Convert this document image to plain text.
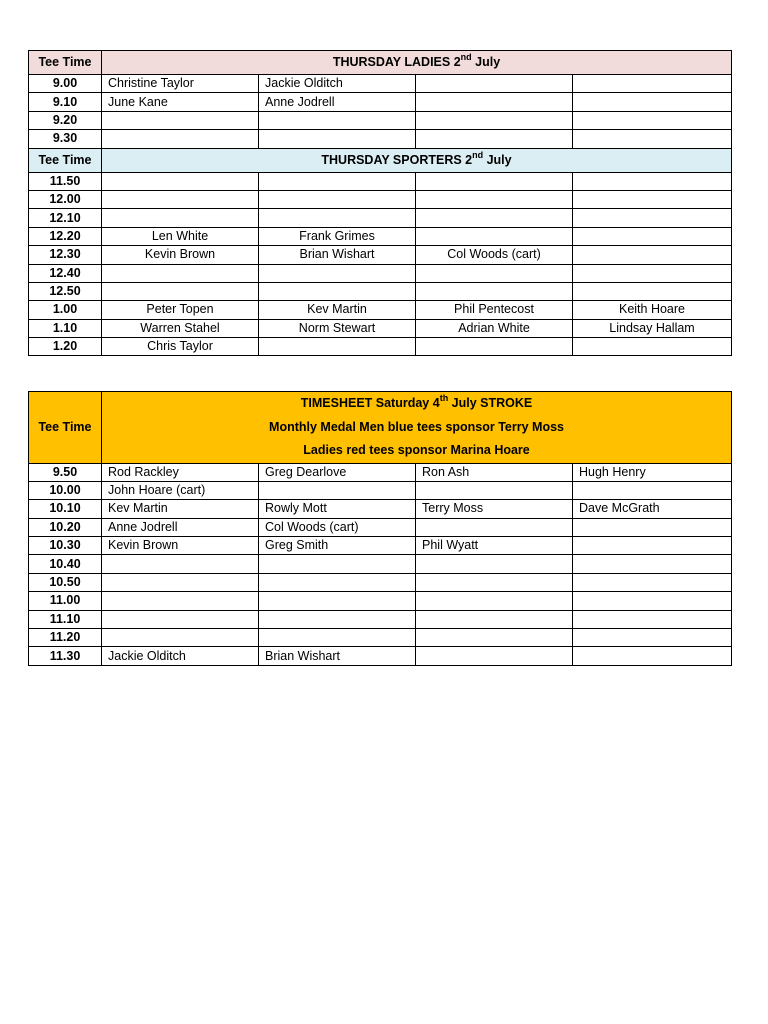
Tee Time	THURSDAY LADIES 2nd July			
9.00	Christine Taylor	Jackie Olditch		
9.10	June Kane	Anne Jodrell		
9.20				
9.30				
Tee Time	THURSDAY SPORTERS 2nd July			
11.50				
12.00				
12.10				
12.20	Len White	Frank Grimes		
12.30	Kevin Brown	Brian Wishart	Col Woods (cart)	
12.40				
12.50				
1.00	Peter Topen	Kev Martin	Phil Pentecost	Keith Hoare
1.10	Warren Stahel	Norm Stewart	Adrian White	Lindsay Hallam
1.20	Chris Taylor			
Tee Time	TIMESHEET Saturday 4th July STROKE
Monthly Medal Men blue tees sponsor Terry Moss
Ladies red tees sponsor Marina Hoare			

9.50	Rod Rackley	Greg Dearlove	Ron Ash	Hugh Henry
10.00	John Hoare (cart)			
10.10	Kev Martin	Rowly Mott	Terry Moss	Dave McGrath
10.20	Anne Jodrell	Col Woods (cart)		
10.30	Kevin Brown	Greg Smith	Phil Wyatt	
10.40				
10.50				
11.00				
11.10				
11.20				
11.30	Jackie Olditch	Brian Wishart		
